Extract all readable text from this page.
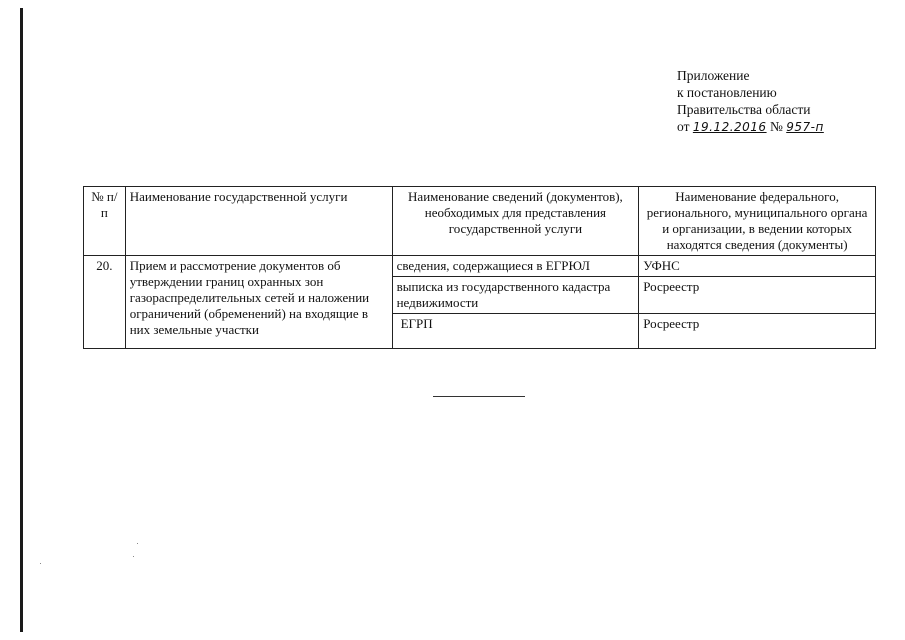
Приложение
к постановлению
Правительства области
от 19.12.2016 № 957-п
№ п/п	Наименование государственной услуги	Наименование сведений (документов), необходимых для представления государственной услуги	Наименование федерального, регионального, муниципального органа и организации, в ведении которых находятся сведения (документы)
20.	Прием и рассмотрение документов об утверждении границ охранных зон газораспределительных сетей и наложении ограничений (обременений) на входящие в них земельные участки	сведения, содержащиеся в ЕГРЮЛ	УФНС
		выписка из государственного кадастра недвижимости	Росреестр
		ЕГРП	Росреестр
